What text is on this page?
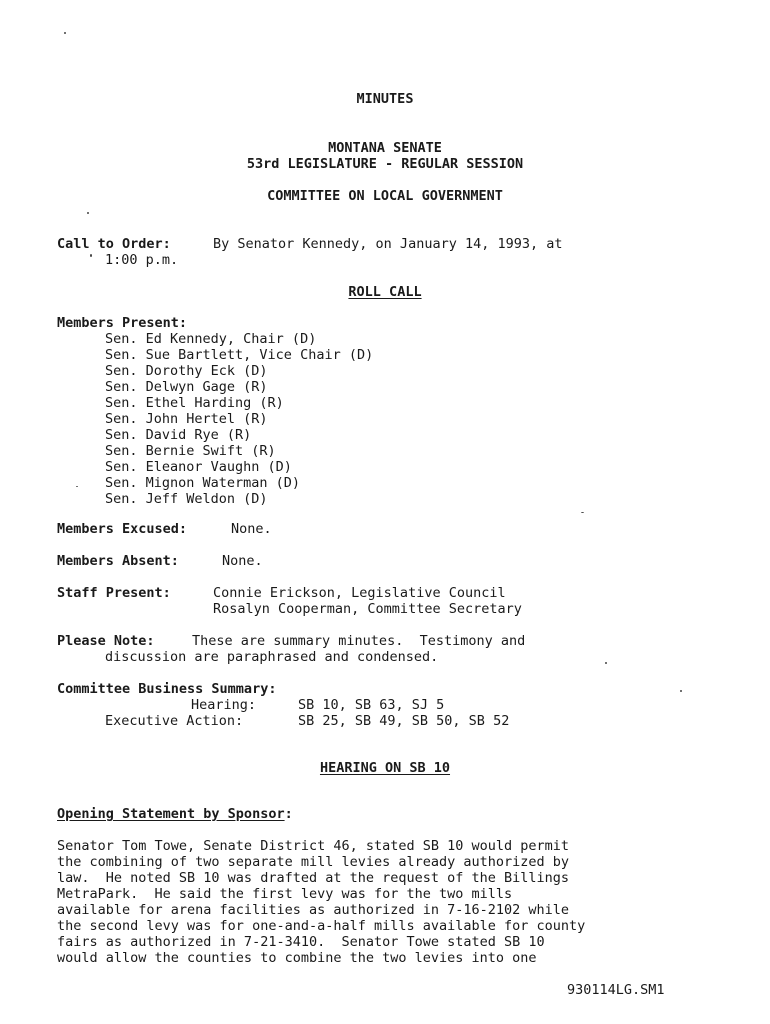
MINUTES
MONTANA SENATE
53rd LEGISLATURE - REGULAR SESSION
COMMITTEE ON LOCAL GOVERNMENT
Call to Order:	By Senator Kennedy, on January 14, 1993, at
1:00 p.m.
ROLL CALL
Members Present:
Sen. Ed Kennedy, Chair (D)
Sen. Sue Bartlett, Vice Chair (D)
Sen. Dorothy Eck (D)
Sen. Delwyn Gage (R)
Sen. Ethel Harding (R)
Sen. John Hertel (R)
Sen. David Rye (R)
Sen. Bernie Swift (R)
Sen. Eleanor Vaughn (D)
Sen. Mignon Waterman (D)
Sen. Jeff Weldon (D)
Members Excused:	None.
Members Absent:	None.
Staff Present:	Connie Erickson, Legislative Council
Rosalyn Cooperman, Committee Secretary
Please Note:	These are summary minutes.  Testimony and
discussion are paraphrased and condensed.
Committee Business Summary:
Hearing:	SB 10, SB 63, SJ 5
Executive Action:	SB 25, SB 49, SB 50, SB 52
HEARING ON SB 10
Opening Statement by Sponsor:
Senator Tom Towe, Senate District 46, stated SB 10 would permit
the combining of two separate mill levies already authorized by
law.  He noted SB 10 was drafted at the request of the Billings
MetraPark.  He said the first levy was for the two mills
available for arena facilities as authorized in 7-16-2102 while
the second levy was for one-and-a-half mills available for county
fairs as authorized in 7-21-3410.  Senator Towe stated SB 10
would allow the counties to combine the two levies into one
930114LG.SM1
